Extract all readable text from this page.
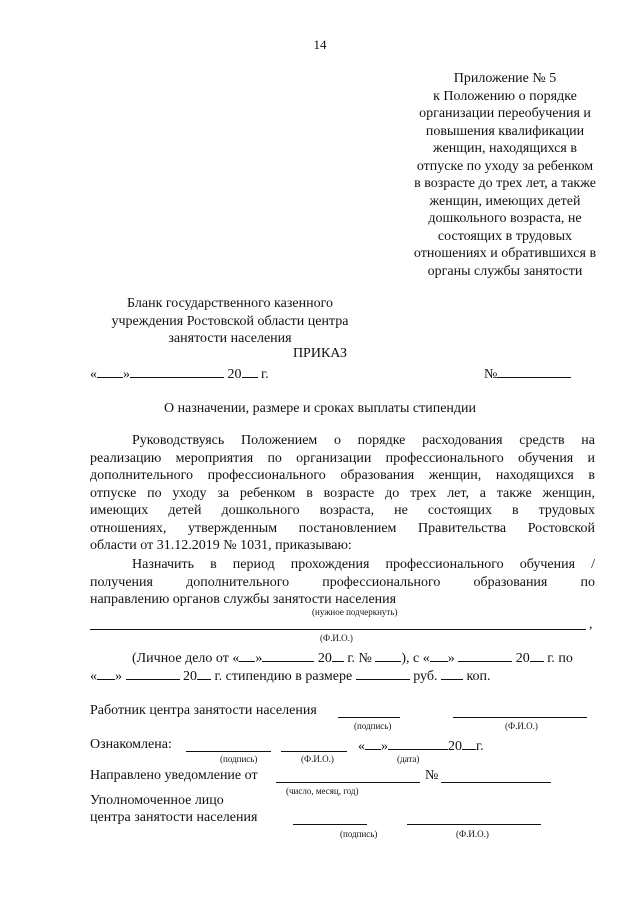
14
Приложение № 5
к Положению о порядке
организации переобучения и
повышения квалификации
женщин, находящихся в
отпуске по уходу за ребенком
в возрасте до трех лет, а также
женщин, имеющих детей
дошкольного возраста, не
состоящих в трудовых
отношениях и обратившихся в
органы службы занятости
Бланк государственного казенного
учреждения Ростовской области центра
занятости населения
ПРИКАЗ
« »	20 г.	№
О назначении, размере и сроках выплаты стипендии
Руководствуясь Положением о порядке расходования средств на
реализацию мероприятия по организации профессионального обучения и
дополнительного профессионального образования женщин, находящихся в
отпуске по уходу за ребенком в возрасте до трех лет, а также женщин,
имеющих детей дошкольного возраста, не состоящих в трудовых
отношениях, утвержденным постановлением Правительства Ростовской
области от 31.12.2019 № 1031, приказываю:
Назначить в период прохождения профессионального обучения /
получения дополнительного профессионального образования по
направлению органов службы занятости населения
(нужное подчеркнуть)
,
(Ф.И.О.)
(Личное дело от « »	20 г. № ), с « »	20 г. по
« »	20 г. стипендию в размере	руб.  коп.
Работник центра занятости населения
(подпись)	(Ф.И.О.)
Ознакомлена:	« »	20 г.
(подпись)	(Ф.И.О.)	(дата)
Направлено уведомление от	№
(число, месяц, год)
Уполномоченное лицо
центра занятости населения
(подпись)	(Ф.И.О.)
